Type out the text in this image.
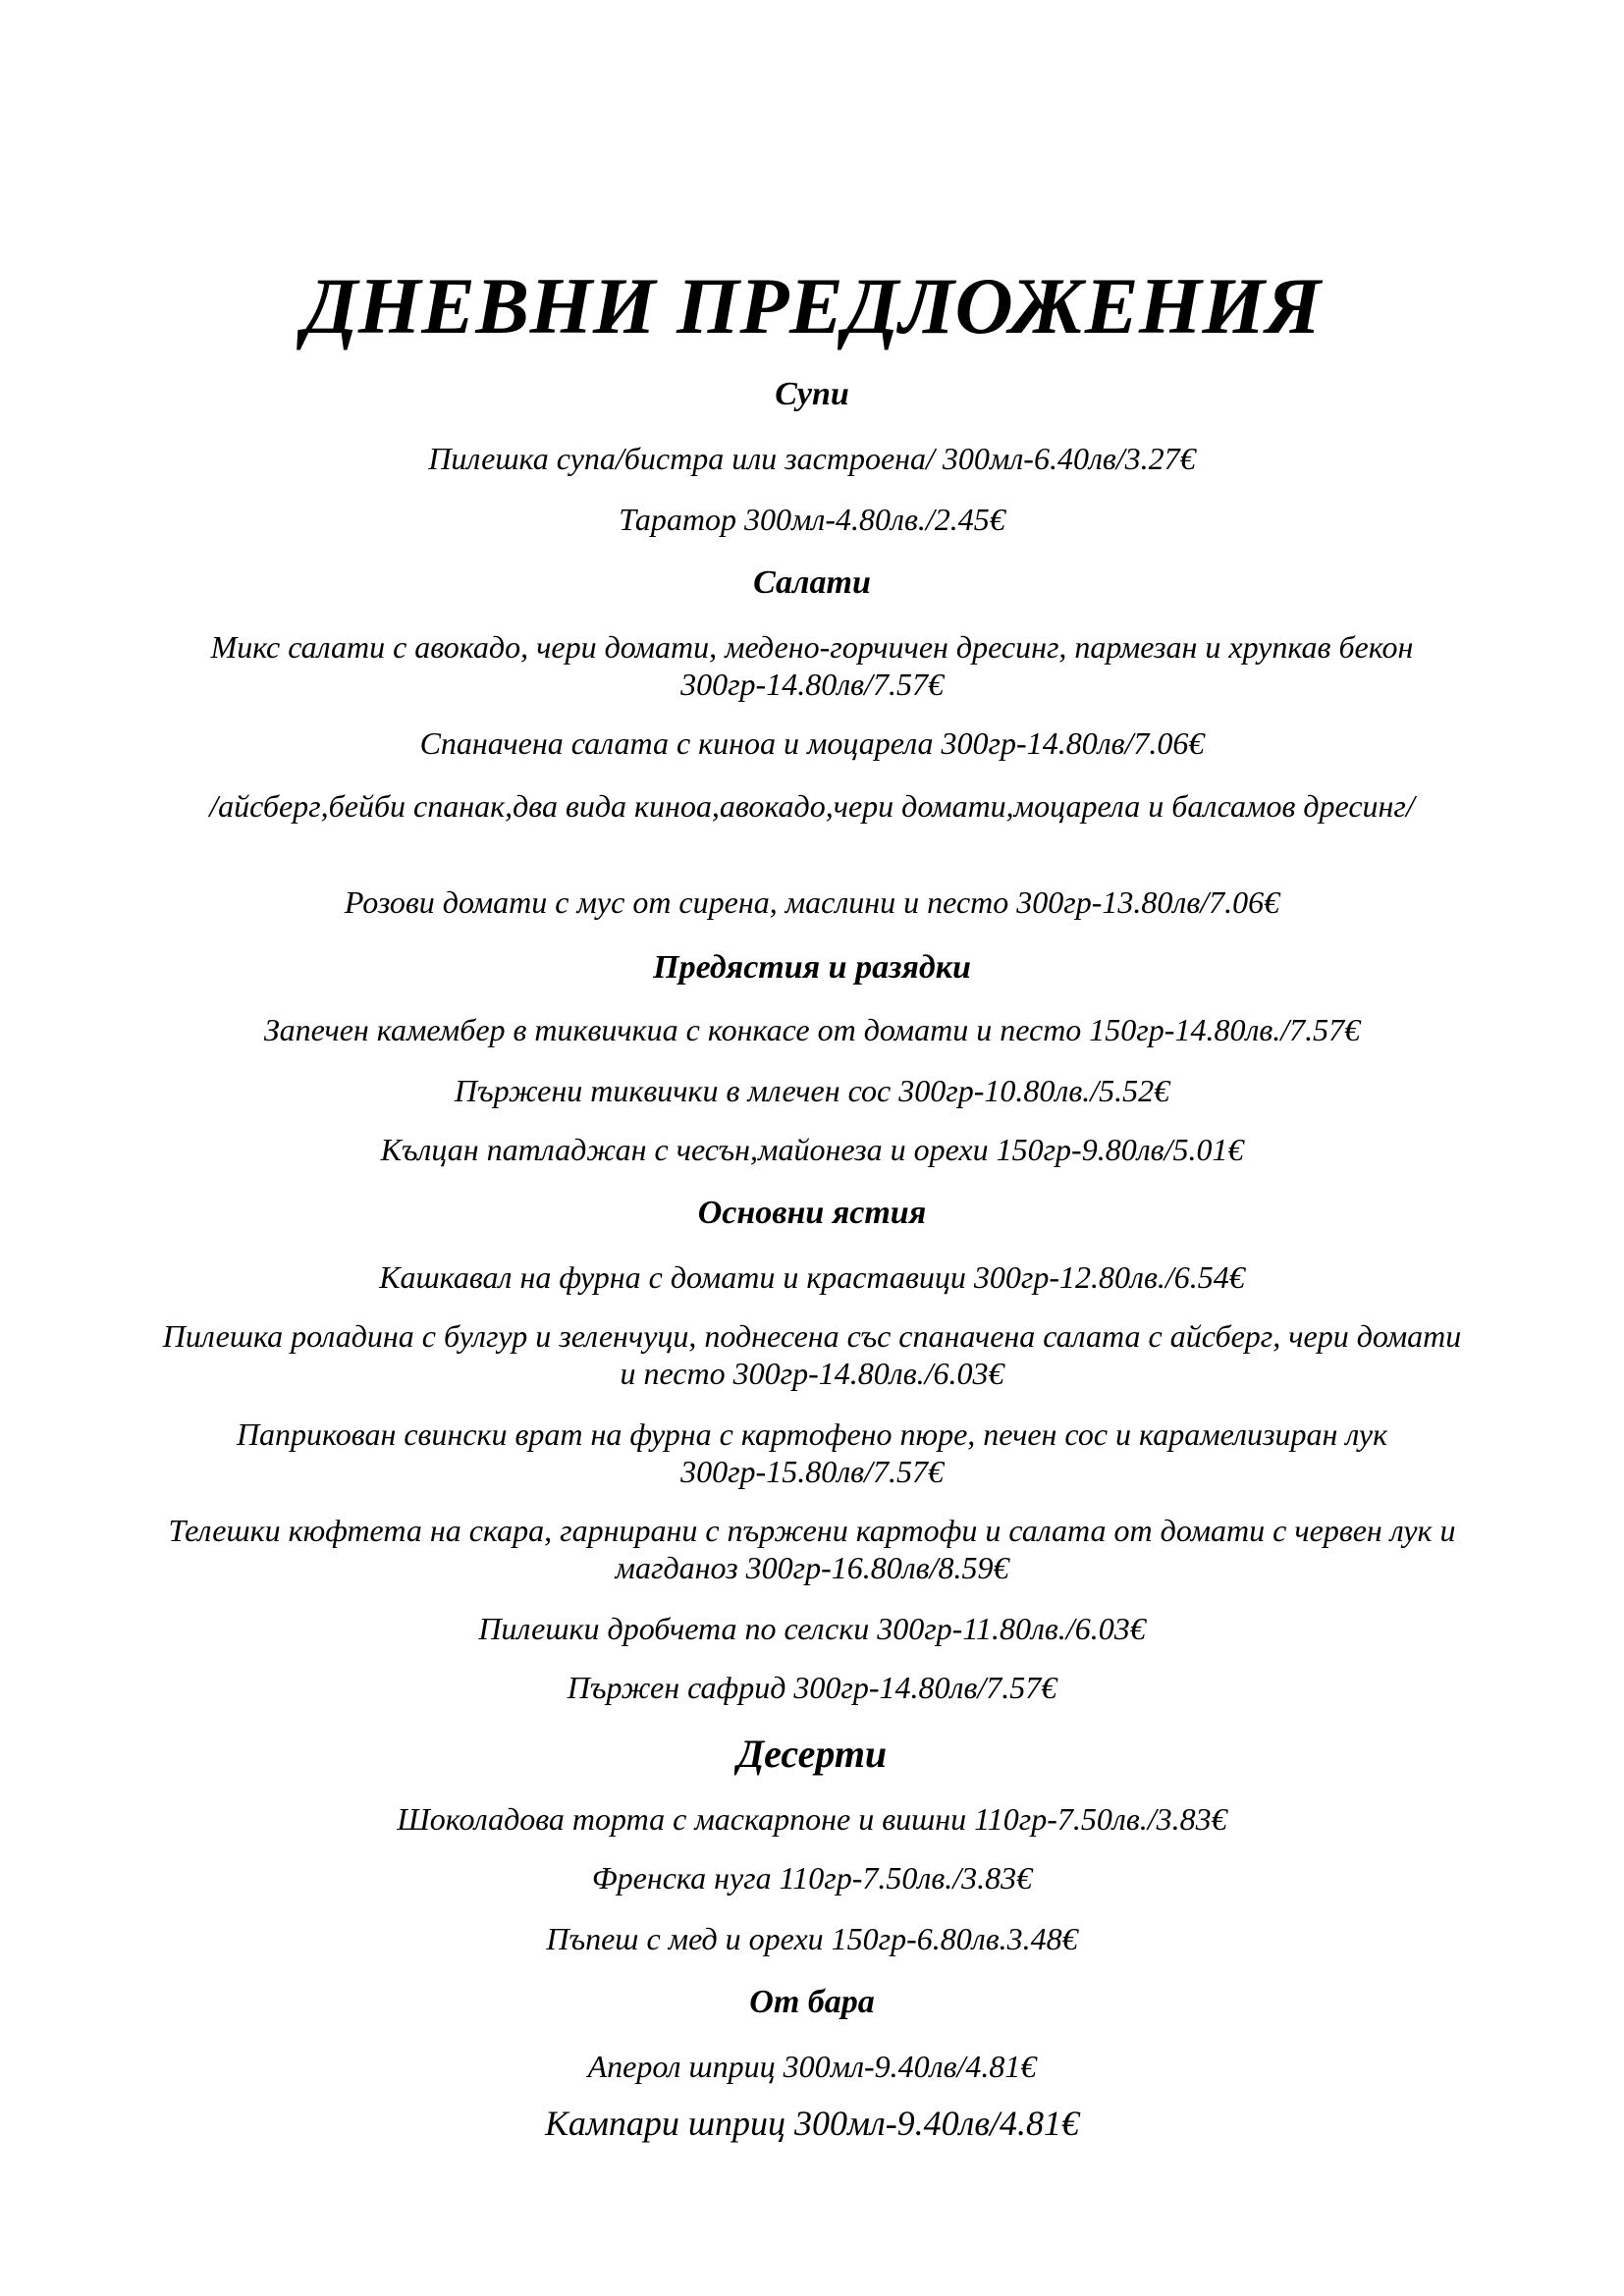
ДНЕВНИ ПРЕДЛОЖЕНИЯ
Супи
Пилешка супа/бистра или застроена/ 300мл-6.40лв/3.27€
Таратор 300мл-4.80лв./2.45€
Салати
Микс салати с авокадо, чери домати, медено-горчичен дресинг, пармезан и хрупкав бекон 300гр-14.80лв/7.57€
Спаначена салата с киноа и моцарела 300гр-14.80лв/7.06€
/айсберг,бейби спанак,два вида киноа,авокадо,чери домати,моцарела и балсамов дресинг/
Розови домати с мус от сирена, маслини и песто 300гр-13.80лв/7.06€
Предястия и разядки
Запечен камембер в тиквичкиа с конкасе от домати и песто 150гр-14.80лв./7.57€
Пържени тиквички в млечен сос 300гр-10.80лв./5.52€
Кълцан патладжан с чесън,майонеза и орехи 150гр-9.80лв/5.01€
Основни ястия
Кашкавал на фурна с домати и краставици 300гр-12.80лв./6.54€
Пилешка роладина с булгур и зеленчуци, поднесена със спаначена салата с айсберг, чери домати и песто 300гр-14.80лв./6.03€
Паприкован свински врат на фурна с картофено пюре, печен сос и карамелизиран лук 300гр-15.80лв/7.57€
Телешки кюфтета на скара, гарнирани с пържени картофи и салата от домати с червен лук и магданоз 300гр-16.80лв/8.59€
Пилешки дробчета по селски 300гр-11.80лв./6.03€
Пържен сафрид 300гр-14.80лв/7.57€
Десерти
Шоколадова торта с маскарпоне и вишни 110гр-7.50лв./3.83€
Френска нуга 110гр-7.50лв./3.83€
Пъпеш с мед и орехи 150гр-6.80лв.3.48€
От бара
Аперол шприц 300мл-9.40лв/4.81€
Кампари шприц 300мл-9.40лв/4.81€
